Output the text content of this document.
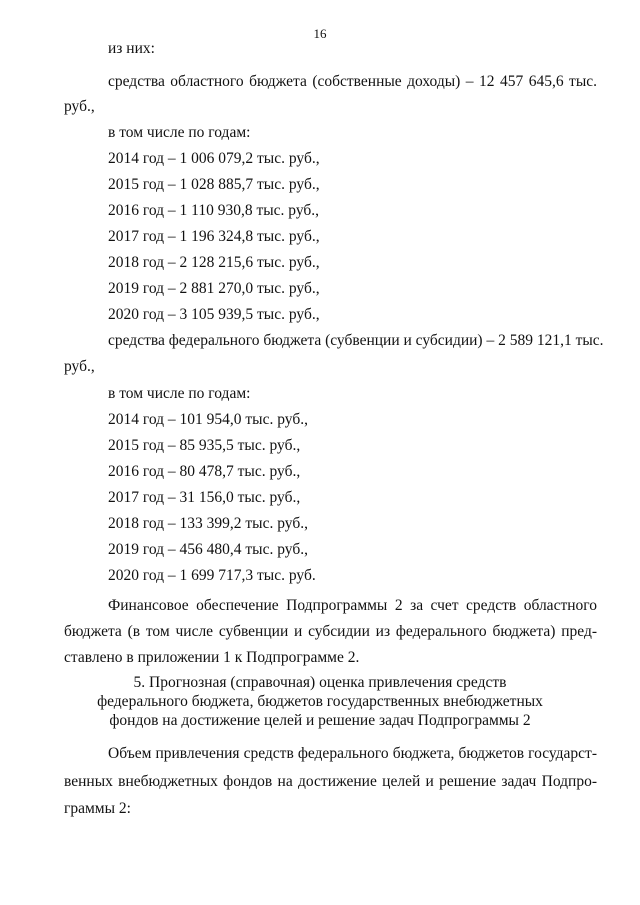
16
из них:
средства областного бюджета (собственные доходы) – 12 457 645,6 тыс.
руб.,
в том числе по годам:
2014 год – 1 006 079,2 тыс. руб.,
2015 год – 1 028 885,7 тыс. руб.,
2016 год – 1 110 930,8 тыс. руб.,
2017 год – 1 196 324,8 тыс. руб.,
2018 год – 2 128 215,6 тыс. руб.,
2019 год – 2 881 270,0 тыс. руб.,
2020 год – 3 105 939,5 тыс. руб.,
средства федерального бюджета (субвенции и субсидии) – 2 589 121,1 тыс.
руб.,
в том числе по годам:
2014 год – 101 954,0 тыс. руб.,
2015 год – 85 935,5 тыс. руб.,
2016 год – 80 478,7 тыс. руб.,
2017 год – 31 156,0 тыс. руб.,
2018 год – 133 399,2 тыс. руб.,
2019 год – 456 480,4 тыс. руб.,
2020 год – 1 699 717,3 тыс. руб.
Финансовое обеспечение Подпрограммы 2 за счет средств областного
бюджета (в том числе субвенции и субсидии из федерального бюджета) пред-
ставлено в приложении 1 к Подпрограмме 2.
5. Прогнозная (справочная) оценка привлечения средств
федерального бюджета, бюджетов государственных внебюджетных
фондов на достижение целей и решение задач Подпрограммы 2
Объем привлечения средств федерального бюджета, бюджетов государст-
венных внебюджетных фондов на достижение целей и решение задач Подпро-
граммы 2:
